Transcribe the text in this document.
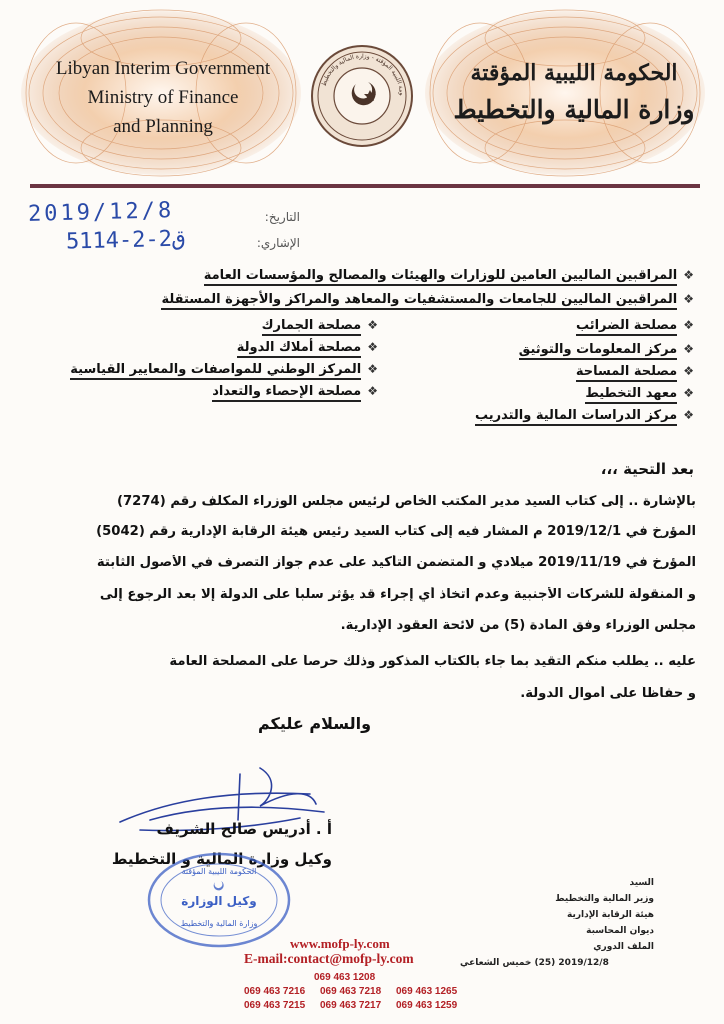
Libyan Interim Government
Ministry of Finance
and Planning
الحكومة الليبية المؤقتة
وزارة المالية والتخطيط
ومة الليبية المؤقتة - وزارة المالية والتخطيط
التاريخ:
2019/12/8
الإشاري:
5114-ق2-2
❖المراقبين الماليين العامين للوزارات والهيئات والمصالح والمؤسسات العامة
❖المراقبين الماليين للجامعات والمستشفيات والمعاهد والمراكز والأجهزة المستقلة
❖مصلحة الضرائب
❖مركز المعلومات والتوثيق
❖مصلحة المساحة
❖معهد التخطيط
❖مركز الدراسات المالية والتدريب
❖مصلحة الجمارك
❖مصلحة أملاك الدولة
❖المركز الوطني للمواصفات والمعايير القياسية
❖مصلحة الإحصاء والتعداد
بعد التحية ،،،
بالإشارة .. إلى كتاب السيد مدير المكتب الخاص لرئيس مجلس الوزراء المكلف رقم (7274)
المؤرخ في 2019/12/1 م المشار فيه إلى كتاب السيد رئيس هيئة الرقابة الإدارية رقم (5042)
المؤرخ في 2019/11/19 ميلادي و المتضمن التأكيد على عدم جواز التصرف في الأصول الثابتة
و المنقولة للشركات الأجنبية وعدم اتخاذ أي إجراء قد يؤثر سلباً على الدولة إلا بعد الرجوع إلى
مجلس الوزراء وفق المادة (5) من لائحة العقود الإدارية.
عليه .. يطلب منكم التقيد بما جاء بالكتاب المذكور وذلك حرصاً على المصلحة العامة
و حفاظاً على أموال الدولة.
والسلام عليكم
أ . أدريس صالح الشريف
وكيل وزارة المالية و التخطيط
الحكومة الليبية المؤقتة
وكيل الوزارة
وزارة المالية والتخطيط
السيد
وزير المالية والتخطيط
هيئة الرقابة الإدارية
ديوان المحاسبة
الملف الدوري
2019/12/8 (25) خميس الشعاعي
www.mofp-ly.com
E-mail:contact@mofp-ly.com
069 463 1208
069 463 7216 069 463 7218 069 463 1265
069 463 7215 069 463 7217 069 463 1259
